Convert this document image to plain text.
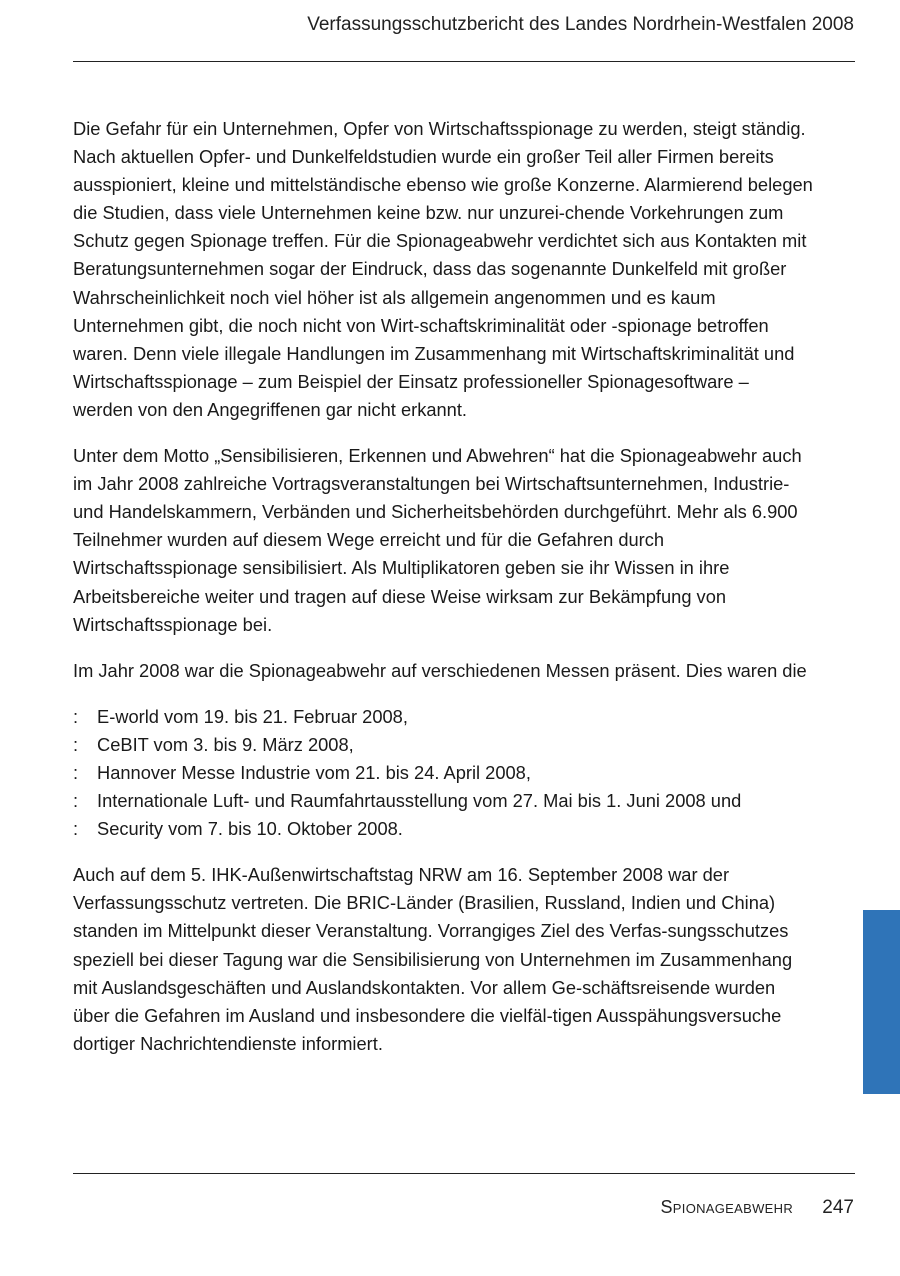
Verfassungsschutzbericht des Landes Nordrhein-Westfalen 2008

Die Gefahr für ein Unternehmen, Opfer von Wirtschaftsspionage zu werden, steigt ständig. Nach aktuellen Opfer- und Dunkelfeldstudien wurde ein großer Teil aller Firmen bereits ausspioniert, kleine und mittelständische ebenso wie große Konzerne. Alarmierend belegen die Studien, dass viele Unternehmen keine bzw. nur unzurei-chende Vorkehrungen zum Schutz gegen Spionage treffen. Für die Spionageabwehr verdichtet sich aus Kontakten mit Beratungsunternehmen sogar der Eindruck, dass das sogenannte Dunkelfeld mit großer Wahrscheinlichkeit noch viel höher ist als allgemein angenommen und es kaum Unternehmen gibt, die noch nicht von Wirt-schaftskriminalität oder -spionage betroffen waren. Denn viele illegale Handlungen im Zusammenhang mit Wirtschaftskriminalität und Wirtschaftsspionage – zum Beispiel der Einsatz professioneller Spionagesoftware – werden von den Angegriffenen gar nicht erkannt.

Unter dem Motto „Sensibilisieren, Erkennen und Abwehren“ hat die Spionageabwehr auch im Jahr 2008 zahlreiche Vortragsveranstaltungen bei Wirtschaftsunternehmen, Industrie- und Handelskammern, Verbänden und Sicherheitsbehörden durchgeführt. Mehr als 6.900 Teilnehmer wurden auf diesem Wege erreicht und für die Gefahren durch Wirtschaftsspionage sensibilisiert. Als Multiplikatoren geben sie ihr Wissen in ihre Arbeitsbereiche weiter und tragen auf diese Weise wirksam zur Bekämpfung von Wirtschaftsspionage bei.

Im Jahr 2008 war die Spionageabwehr auf verschiedenen Messen präsent. Dies waren die

: E-world vom 19. bis 21. Februar 2008,
: CeBIT vom 3. bis 9. März 2008,
: Hannover Messe Industrie vom 21. bis 24. April 2008,
: Internationale Luft- und Raumfahrtausstellung vom 27. Mai bis 1. Juni 2008 und
: Security vom 7. bis 10. Oktober 2008.

Auch auf dem 5. IHK-Außenwirtschaftstag NRW am 16. September 2008 war der Verfassungsschutz vertreten. Die BRIC-Länder (Brasilien, Russland, Indien und China) standen im Mittelpunkt dieser Veranstaltung. Vorrangiges Ziel des Verfas-sungsschutzes speziell bei dieser Tagung war die Sensibilisierung von Unternehmen im Zusammenhang mit Auslandsgeschäften und Auslandskontakten. Vor allem Ge-schäftsreisende wurden über die Gefahren im Ausland und insbesondere die vielfäl-tigen Ausspähungsversuche dortiger Nachrichtendienste informiert.

Spionageabwehr 247
